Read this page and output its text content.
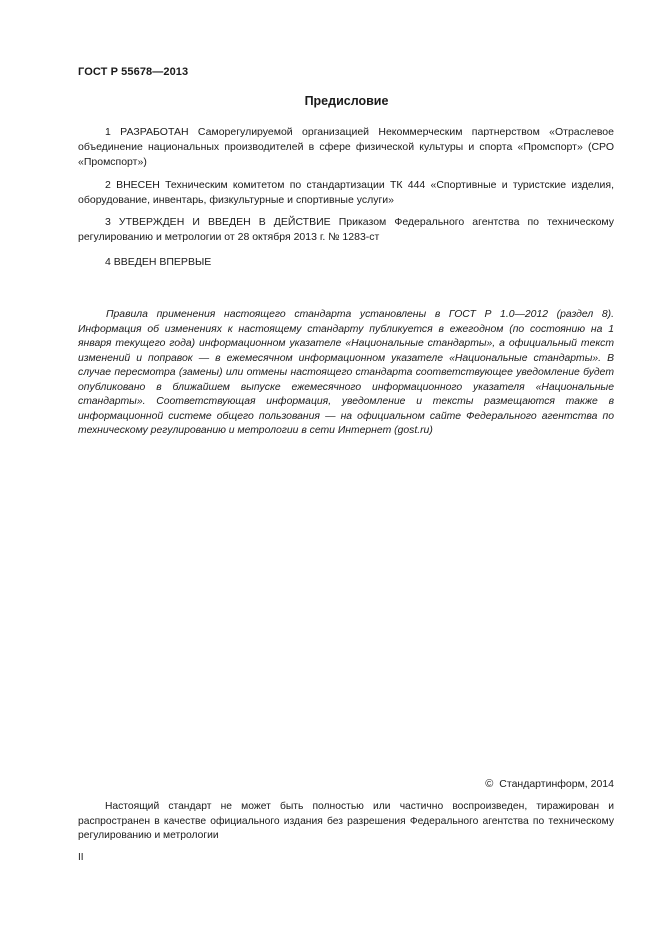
ГОСТ Р 55678—2013
Предисловие

1 РАЗРАБОТАН Саморегулируемой организацией Некоммерческим партнерством «Отраслевое объединение национальных производителей в сфере физической культуры и спорта «Промспорт» (СРО «Промспорт»)

2 ВНЕСЕН Техническим комитетом по стандартизации ТК 444 «Спортивные и туристские изделия, оборудование, инвентарь, физкультурные и спортивные услуги»

3 УТВЕРЖДЕН И ВВЕДЕН В ДЕЙСТВИЕ Приказом Федерального агентства по техническому регулированию и метрологии от 28 октября 2013 г. № 1283-ст

4 ВВЕДЕН ВПЕРВЫЕ

Правила применения настоящего стандарта установлены в ГОСТ Р 1.0—2012 (раздел 8). Информация об изменениях к настоящему стандарту публикуется в ежегодном (по состоянию на 1 января текущего года) информационном указателе «Национальные стандарты», а официальный текст изменений и поправок — в ежемесячном информационном указателе «Национальные стандарты». В случае пересмотра (замены) или отмены настоящего стандарта соответствующее уведомление будет опубликовано в ближайшем выпуске ежемесячного информационного указателя «Национальные стандарты». Соответствующая информация, уведомление и тексты размещаются также в информационной системе общего пользования — на официальном сайте Федерального агентства по техническому регулированию и метрологии в сети Интернет (gost.ru)

© Стандартинформ, 2014

Настоящий стандарт не может быть полностью или частично воспроизведен, тиражирован и распространен в качестве официального издания без разрешения Федерального агентства по техническому регулированию и метрологии

II
